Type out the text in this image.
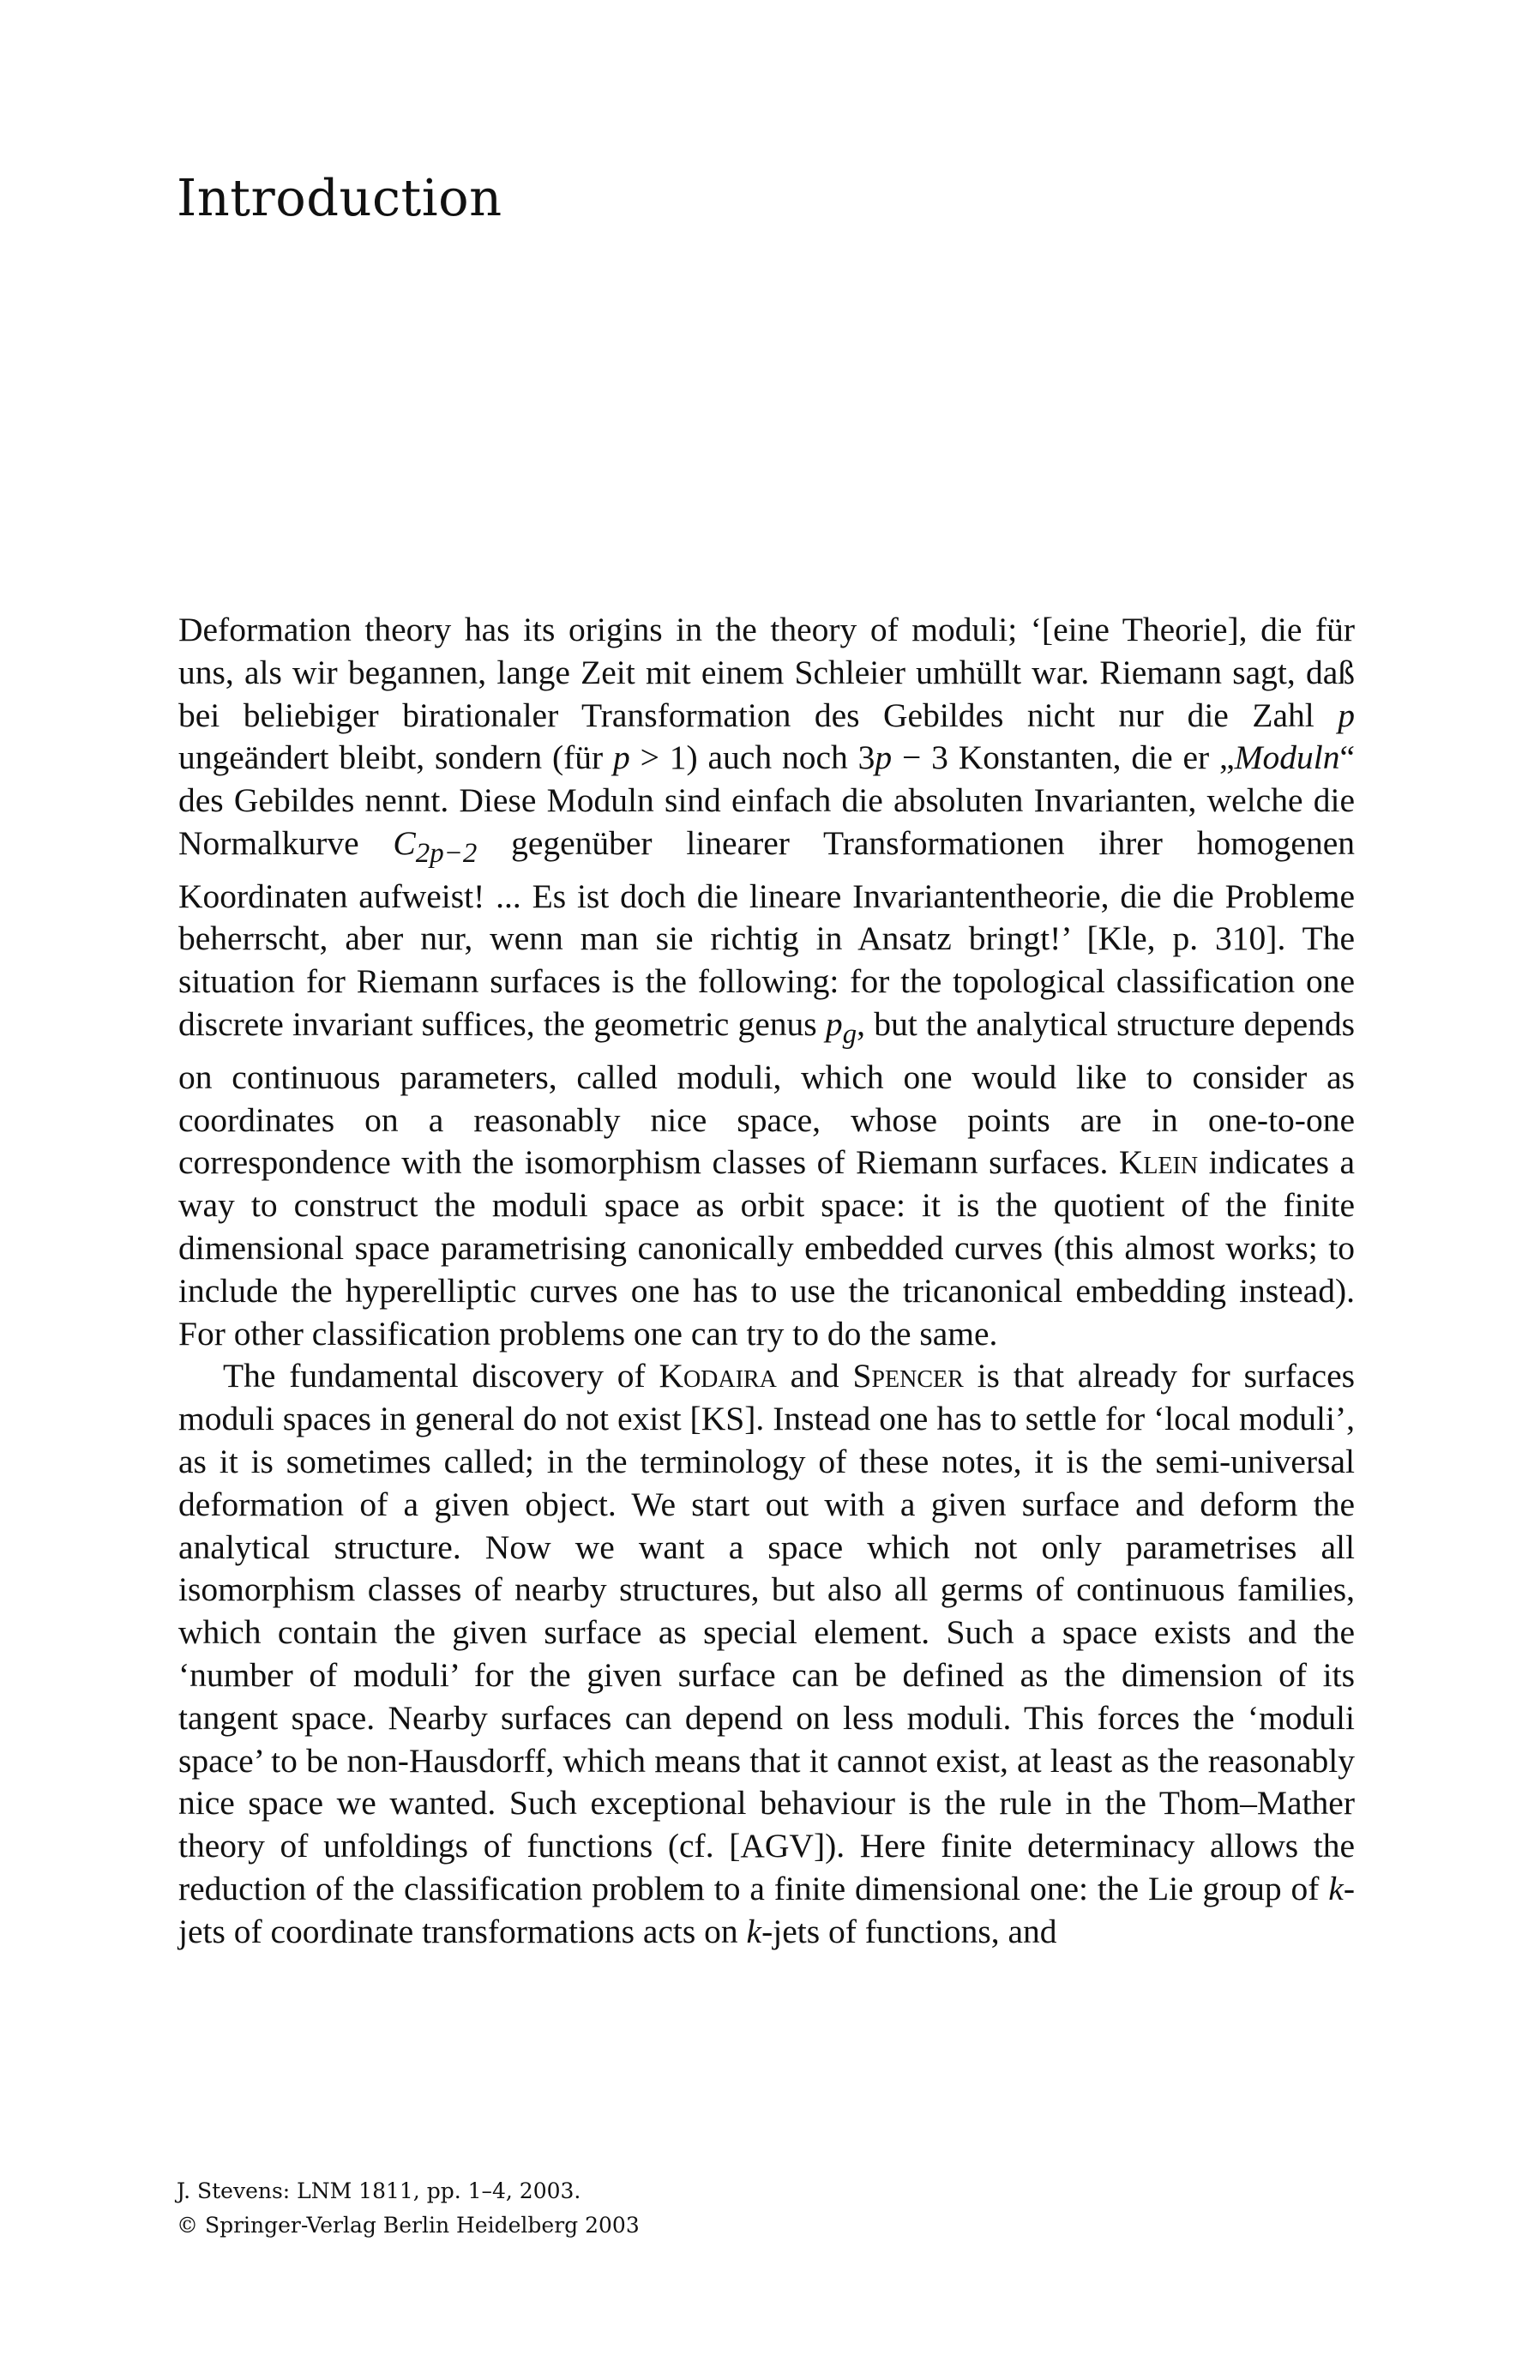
Introduction

Deformation theory has its origins in the theory of moduli; ‘[eine Theorie], die für uns, als wir begannen, lange Zeit mit einem Schleier umhüllt war. Riemann sagt, daß bei beliebiger birationaler Transformation des Gebildes nicht nur die Zahl p ungeändert bleibt, sondern (für p > 1) auch noch 3p − 3 Konstanten, die er „Moduln“ des Gebildes nennt. Diese Moduln sind einfach die absoluten Invarianten, welche die Normalkurve $C_{2p-2}$ gegenüber linearer Transformationen ihrer homogenen Koordinaten aufweist! ... Es ist doch die lineare Invariantentheorie, die die Probleme beherrscht, aber nur, wenn man sie richtig in Ansatz bringt!’ [Kle, p. 310]. The situation for Riemann surfaces is the following: for the topological classification one discrete invariant suffices, the geometric genus $p_g$, but the analytical structure depends on continuous parameters, called moduli, which one would like to consider as coordinates on a reasonably nice space, whose points are in one-to-one correspondence with the isomorphism classes of Riemann surfaces. Klein indicates a way to construct the moduli space as orbit space: it is the quotient of the finite dimensional space parametrising canonically embedded curves (this almost works; to include the hyperelliptic curves one has to use the tricanonical embedding instead). For other classification problems one can try to do the same.

The fundamental discovery of Kodaira and Spencer is that already for surfaces moduli spaces in general do not exist [KS]. Instead one has to settle for ‘local moduli’, as it is sometimes called; in the terminology of these notes, it is the semi-universal deformation of a given object. We start out with a given surface and deform the analytical structure. Now we want a space which not only parametrises all isomorphism classes of nearby structures, but also all germs of continuous families, which contain the given surface as special element. Such a space exists and the ‘number of moduli’ for the given surface can be defined as the dimension of its tangent space. Nearby surfaces can depend on less moduli. This forces the ‘moduli space’ to be non-Hausdorff, which means that it cannot exist, at least as the reasonably nice space we wanted. Such exceptional behaviour is the rule in the Thom–Mather theory of unfoldings of functions (cf. [AGV]). Here finite determinacy allows the reduction of the classification problem to a finite dimensional one: the Lie group of k-jets of coordinate transformations acts on k-jets of functions, and

J. Stevens: LNM 1811, pp. 1–4, 2003.
© Springer-Verlag Berlin Heidelberg 2003
